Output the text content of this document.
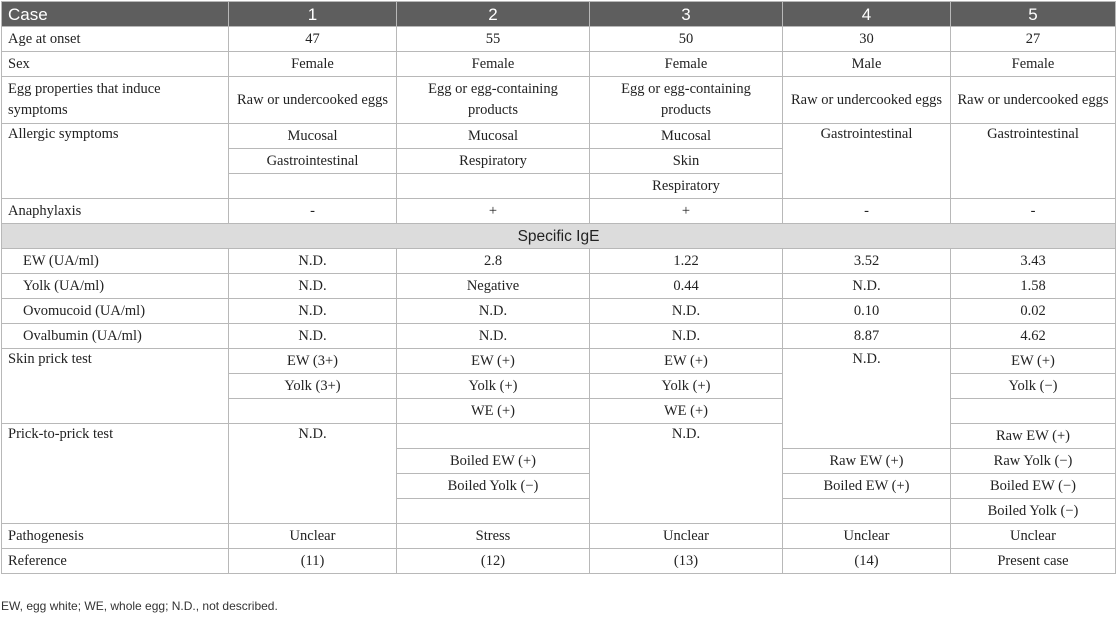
Case	1	2	3	4	5
Age at onset	47	55	50	30	27
Sex	Female	Female	Female	Male	Female
Egg properties that induce symptoms	Raw or undercooked eggs	Egg or egg-containing products	Egg or egg-containing products	Raw or undercooked eggs	Raw or undercooked eggs
Allergic symptoms	Mucosal	Mucosal	Mucosal	Gastrointestinal	Gastrointestinal
	Gastrointestinal	Respiratory	Skin		
			Respiratory		
Anaphylaxis	-	+	+	-	-
Specific IgE					
EW (UA/ml)	N.D.	2.8	1.22	3.52	3.43
Yolk (UA/ml)	N.D.	Negative	0.44	N.D.	1.58
Ovomucoid (UA/ml)	N.D.	N.D.	N.D.	0.10	0.02
Ovalbumin (UA/ml)	N.D.	N.D.	N.D.	8.87	4.62
Skin prick test	EW (3+)	EW (+)	EW (+)	N.D.	EW (+)
	Yolk (3+)	Yolk (+)	Yolk (+)		Yolk (−)
		WE (+)	WE (+)		
Prick-to-prick test	N.D.		N.D.		Raw EW (+)
		Boiled EW (+)		Raw EW (+)	Raw Yolk (−)
		Boiled Yolk (−)		Boiled EW (+)	Boiled EW (−)
					Boiled Yolk (−)
Pathogenesis	Unclear	Stress	Unclear	Unclear	Unclear
Reference	(11)	(12)	(13)	(14)	Present case
EW, egg white; WE, whole egg; N.D., not described.
